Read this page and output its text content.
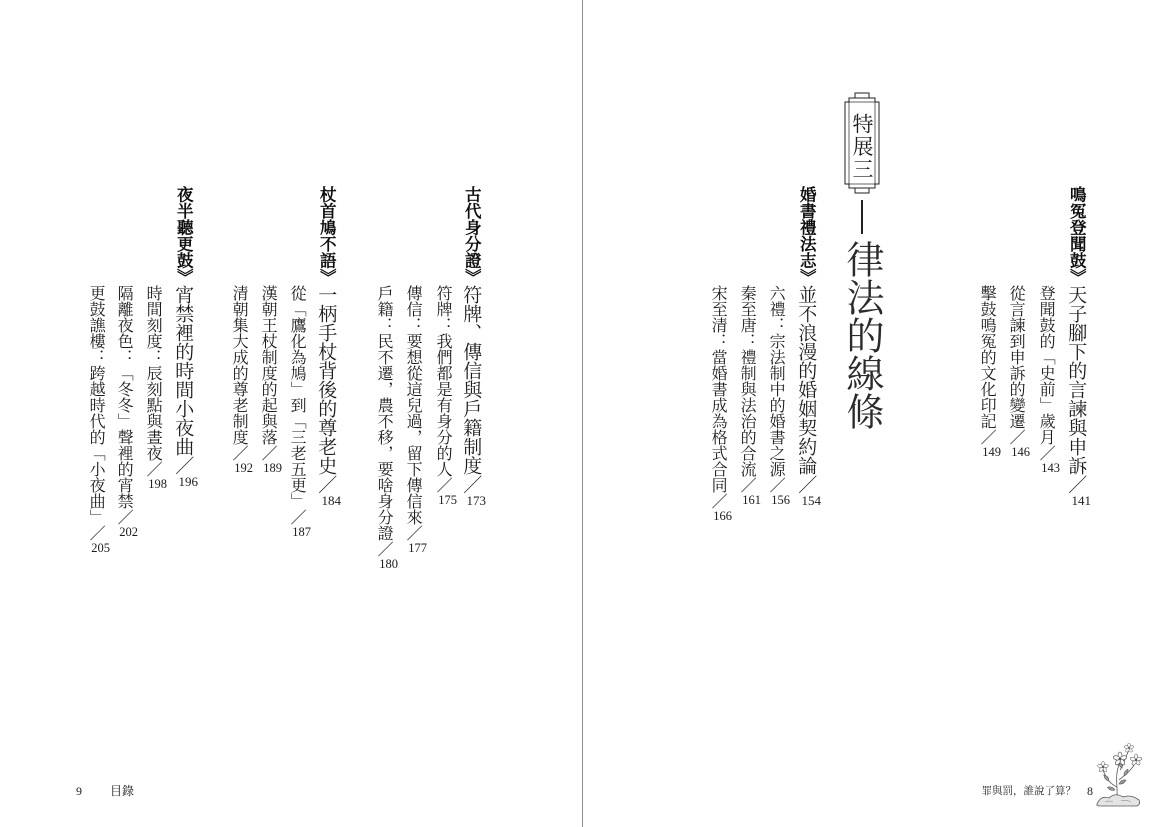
古代身分證》符牌、傳信與戶籍制度／173
符牌：我們都是有身分的人／175
傳信：要想從這兒過，留下傳信來／177
戶籍：民不遷，農不移，要啥身分證／180
杖首鳩不語》一柄手杖背後的尊老史／184
從「鷹化為鳩」到「三老五更」／187
漢朝王杖制度的起與落／189
清朝集大成的尊老制度／192
夜半聽更鼓》宵禁裡的時間小夜曲／196
時間刻度：辰刻點與晝夜／198
隔離夜色：「冬冬」聲裡的宵禁／202
更鼓譙樓：跨越時代的「小夜曲」／205
9 目錄
鳴冤登聞鼓》天子腳下的言諫與申訴／141
登聞鼓的「史前」歲月／143
從言諫到申訴的變遷／146
擊鼓鳴冤的文化印記／149
特展三
律法的線條
婚書禮法志》並不浪漫的婚姻契約論／154
六禮：宗法制中的婚書之源／156
秦至唐：禮制與法治的合流／161
宋至清：當婚書成為格式合同／166
罪與罰，誰說了算？ 8
